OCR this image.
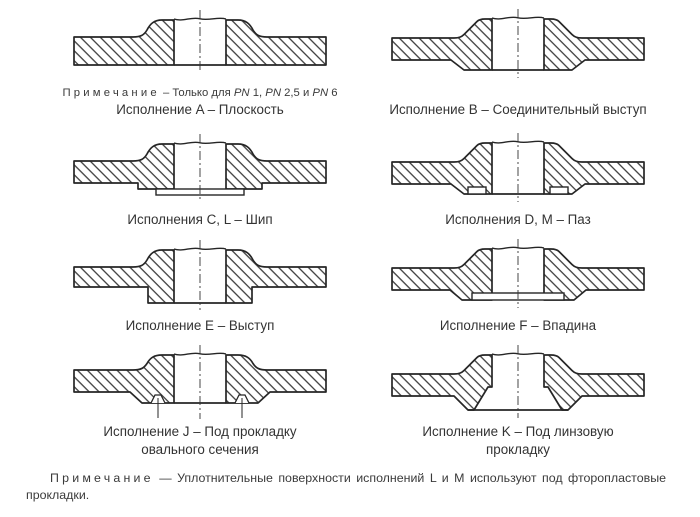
Примечание – Только для PN 1, PN 2,5 и PN 6
Исполнение A – Плоскость	Исполнение B – Соединительный выступ
Исполнения C, L – Шип	Исполнения D, M – Паз
Исполнение E – Выступ	Исполнение F – Впадина
Исполнение J – Под прокладку
овального сечения
Исполнение K – Под линзовую
прокладку

Примечание — Уплотнительные поверхности исполнений L и M используют под фторопластовые прокладки.
